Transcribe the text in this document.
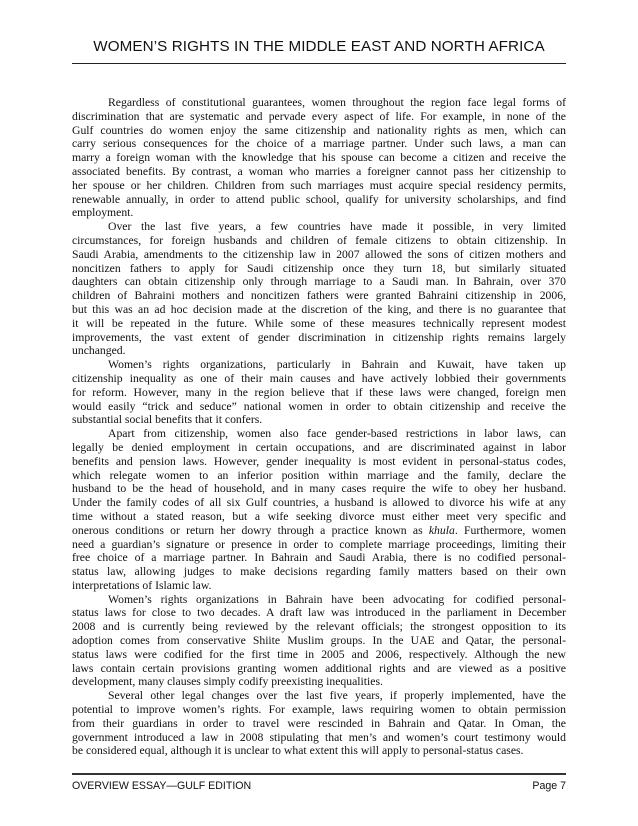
WOMEN’S RIGHTS IN THE MIDDLE EAST AND NORTH AFRICA

Regardless of constitutional guarantees, women throughout the region face legal forms of
discrimination that are systematic and pervade every aspect of life. For example, in none of the
Gulf countries do women enjoy the same citizenship and nationality rights as men, which can
carry serious consequences for the choice of a marriage partner. Under such laws, a man can
marry a foreign woman with the knowledge that his spouse can become a citizen and receive the
associated benefits. By contrast, a woman who marries a foreigner cannot pass her citizenship to
her spouse or her children. Children from such marriages must acquire special residency permits,
renewable annually, in order to attend public school, qualify for university scholarships, and find
employment.

Over the last five years, a few countries have made it possible, in very limited
circumstances, for foreign husbands and children of female citizens to obtain citizenship. In
Saudi Arabia, amendments to the citizenship law in 2007 allowed the sons of citizen mothers and
noncitizen fathers to apply for Saudi citizenship once they turn 18, but similarly situated
daughters can obtain citizenship only through marriage to a Saudi man. In Bahrain, over 370
children of Bahraini mothers and noncitizen fathers were granted Bahraini citizenship in 2006,
but this was an ad hoc decision made at the discretion of the king, and there is no guarantee that
it will be repeated in the future. While some of these measures technically represent modest
improvements, the vast extent of gender discrimination in citizenship rights remains largely
unchanged.

Women’s rights organizations, particularly in Bahrain and Kuwait, have taken up
citizenship inequality as one of their main causes and have actively lobbied their governments
for reform. However, many in the region believe that if these laws were changed, foreign men
would easily “trick and seduce” national women in order to obtain citizenship and receive the
substantial social benefits that it confers.

Apart from citizenship, women also face gender-based restrictions in labor laws, can
legally be denied employment in certain occupations, and are discriminated against in labor
benefits and pension laws. However, gender inequality is most evident in personal-status codes,
which relegate women to an inferior position within marriage and the family, declare the
husband to be the head of household, and in many cases require the wife to obey her husband.
Under the family codes of all six Gulf countries, a husband is allowed to divorce his wife at any
time without a stated reason, but a wife seeking divorce must either meet very specific and
onerous conditions or return her dowry through a practice known as khula. Furthermore, women
need a guardian’s signature or presence in order to complete marriage proceedings, limiting their
free choice of a marriage partner. In Bahrain and Saudi Arabia, there is no codified personal-
status law, allowing judges to make decisions regarding family matters based on their own
interpretations of Islamic law.

Women’s rights organizations in Bahrain have been advocating for codified personal-
status laws for close to two decades. A draft law was introduced in the parliament in December
2008 and is currently being reviewed by the relevant officials; the strongest opposition to its
adoption comes from conservative Shiite Muslim groups. In the UAE and Qatar, the personal-
status laws were codified for the first time in 2005 and 2006, respectively. Although the new
laws contain certain provisions granting women additional rights and are viewed as a positive
development, many clauses simply codify preexisting inequalities.

Several other legal changes over the last five years, if properly implemented, have the
potential to improve women’s rights. For example, laws requiring women to obtain permission
from their guardians in order to travel were rescinded in Bahrain and Qatar. In Oman, the
government introduced a law in 2008 stipulating that men’s and women’s court testimony would
be considered equal, although it is unclear to what extent this will apply to personal-status cases.

OVERVIEW ESSAY—GULF EDITION	Page 7
